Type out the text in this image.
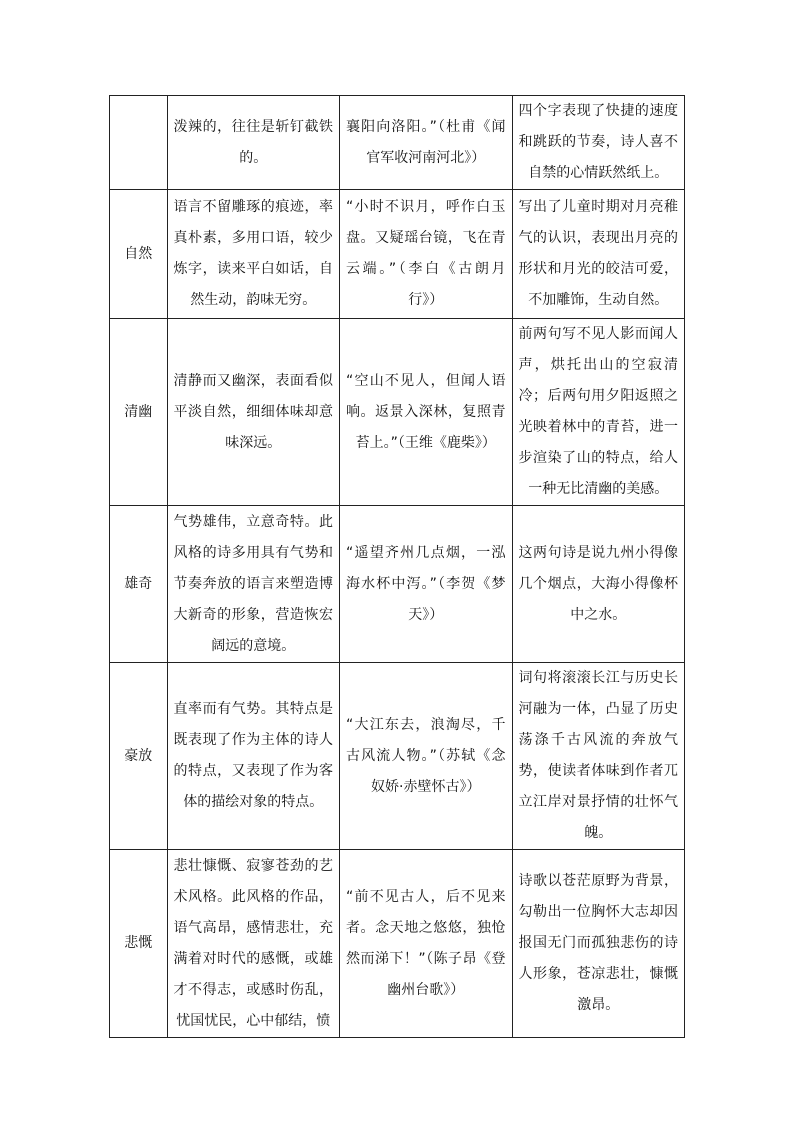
	泼辣的，往往是斩钉截铁的。	襄阳向洛阳。”（杜甫《闻官军收河南河北》）	四个字表现了快捷的速度和跳跃的节奏，诗人喜不自禁的心情跃然纸上。
自然	语言不留雕琢的痕迹，率真朴素，多用口语，较少炼字，读来平白如话，自然生动，韵味无穷。	“小时不识月，呼作白玉盘。又疑瑶台镜，飞在青云端。”（李白《古朗月行》）	写出了儿童时期对月亮稚气的认识，表现出月亮的形状和月光的皎洁可爱，不加雕饰，生动自然。
清幽	清静而又幽深，表面看似平淡自然，细细体味却意味深远。	“空山不见人，但闻人语响。返景入深林，复照青苔上。”（王维《鹿柴》）	前两句写不见人影而闻人声，烘托出山的空寂清冷；后两句用夕阳返照之光映着林中的青苔，进一步渲染了山的特点，给人一种无比清幽的美感。
雄奇	气势雄伟，立意奇特。此风格的诗多用具有气势和节奏奔放的语言来塑造博大新奇的形象，营造恢宏阔远的意境。	“遥望齐州几点烟，一泓海水杯中泻。”（李贺《梦天》）	这两句诗是说九州小得像几个烟点，大海小得像杯中之水。
豪放	直率而有气势。其特点是既表现了作为主体的诗人的特点，又表现了作为客体的描绘对象的特点。	“大江东去，浪淘尽，千古风流人物。”（苏轼《念奴娇·赤壁怀古》）	词句将滚滚长江与历史长河融为一体，凸显了历史荡涤千古风流的奔放气势，使读者体味到作者兀立江岸对景抒情的壮怀气魄。
悲慨	悲壮慷慨、寂寥苍劲的艺术风格。此风格的作品，语气高昂，感情悲壮，充满着对时代的感慨，或雄才不得志，或感时伤乱，忧国忧民，心中郁结，愤	“前不见古人，后不见来者。念天地之悠悠，独怆然而涕下！”（陈子昂《登幽州台歌》）	诗歌以苍茫原野为背景，勾勒出一位胸怀大志却因报国无门而孤独悲伤的诗人形象，苍凉悲壮，慷慨激昂。
